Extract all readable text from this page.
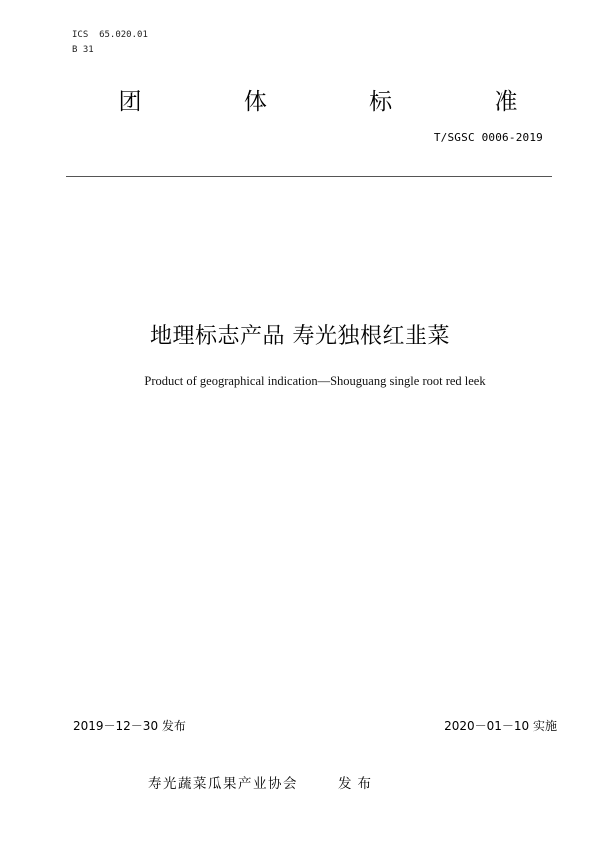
ICS  65.020.01
B 31
团	体	标	准
T/SGSC 0006-2019
地理标志产品 寿光独根红韭菜
Product of geographical indication—Shouguang single root red leek
2019－12－30 发布	2020－01－10 实施
寿光蔬菜瓜果产业协会	发布
